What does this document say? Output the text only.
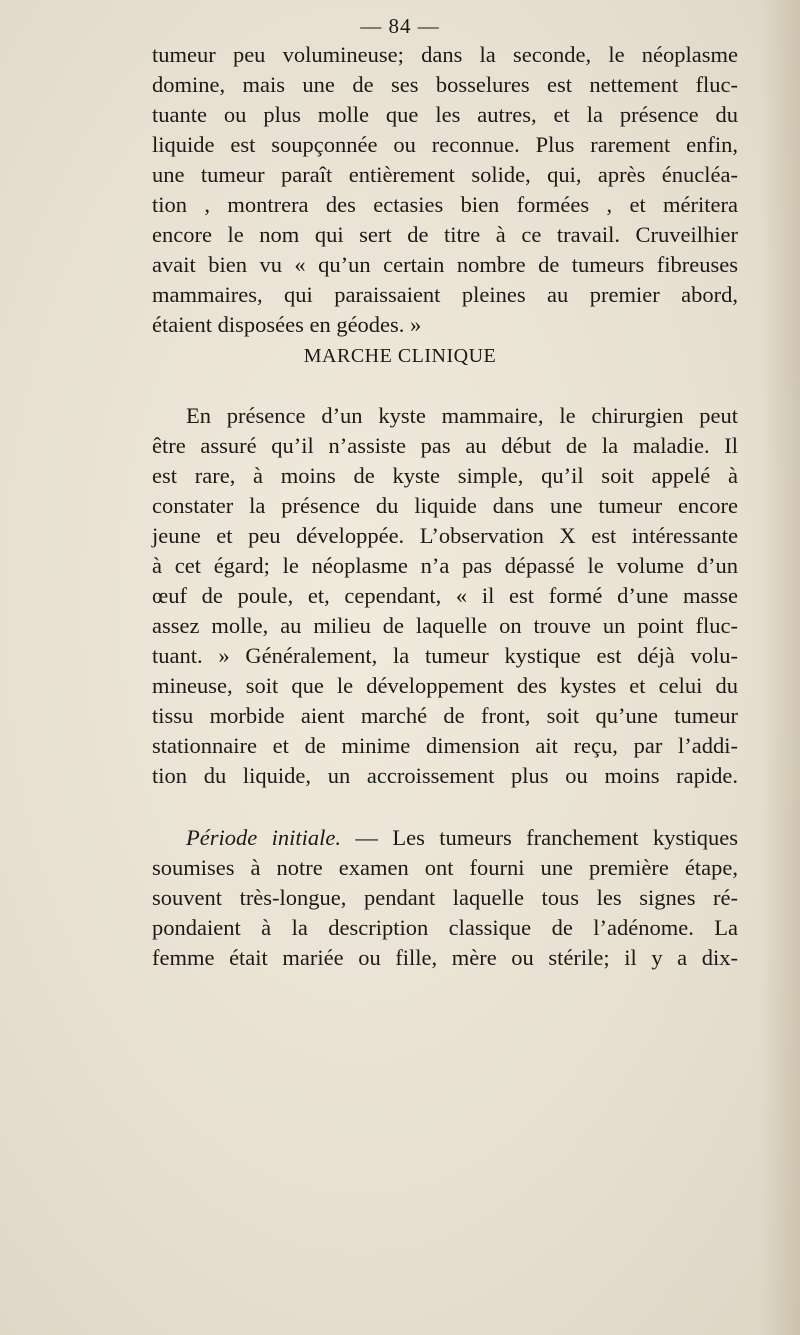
— 84 —
tumeur peu volumineuse; dans la seconde, le néoplasme
domine, mais une de ses bosselures est nettement fluc-
tuante ou plus molle que les autres, et la présence du
liquide est soupçonnée ou reconnue. Plus rarement enfin,
une tumeur paraît entièrement solide, qui, après énucléa-
tion , montrera des ectasies bien formées , et méritera
encore le nom qui sert de titre à ce travail. Cruveilhier
avait bien vu « qu’un certain nombre de tumeurs fibreuses
mammaires, qui paraissaient pleines au premier abord,
étaient disposées en géodes. »
MARCHE CLINIQUE
En présence d’un kyste mammaire, le chirurgien peut
être assuré qu’il n’assiste pas au début de la maladie. Il
est rare, à moins de kyste simple, qu’il soit appelé à
constater la présence du liquide dans une tumeur encore
jeune et peu développée. L’observation X est intéressante
à cet égard; le néoplasme n’a pas dépassé le volume d’un
œuf de poule, et, cependant, « il est formé d’une masse
assez molle, au milieu de laquelle on trouve un point fluc-
tuant. » Généralement, la tumeur kystique est déjà volu-
mineuse, soit que le développement des kystes et celui du
tissu morbide aient marché de front, soit qu’une tumeur
stationnaire et de minime dimension ait reçu, par l’addi-
tion du liquide, un accroissement plus ou moins rapide.
Période initiale. — Les tumeurs franchement kystiques
soumises à notre examen ont fourni une première étape,
souvent très-longue, pendant laquelle tous les signes ré-
pondaient à la description classique de l’adénome. La
femme était mariée ou fille, mère ou stérile; il y a dix-
